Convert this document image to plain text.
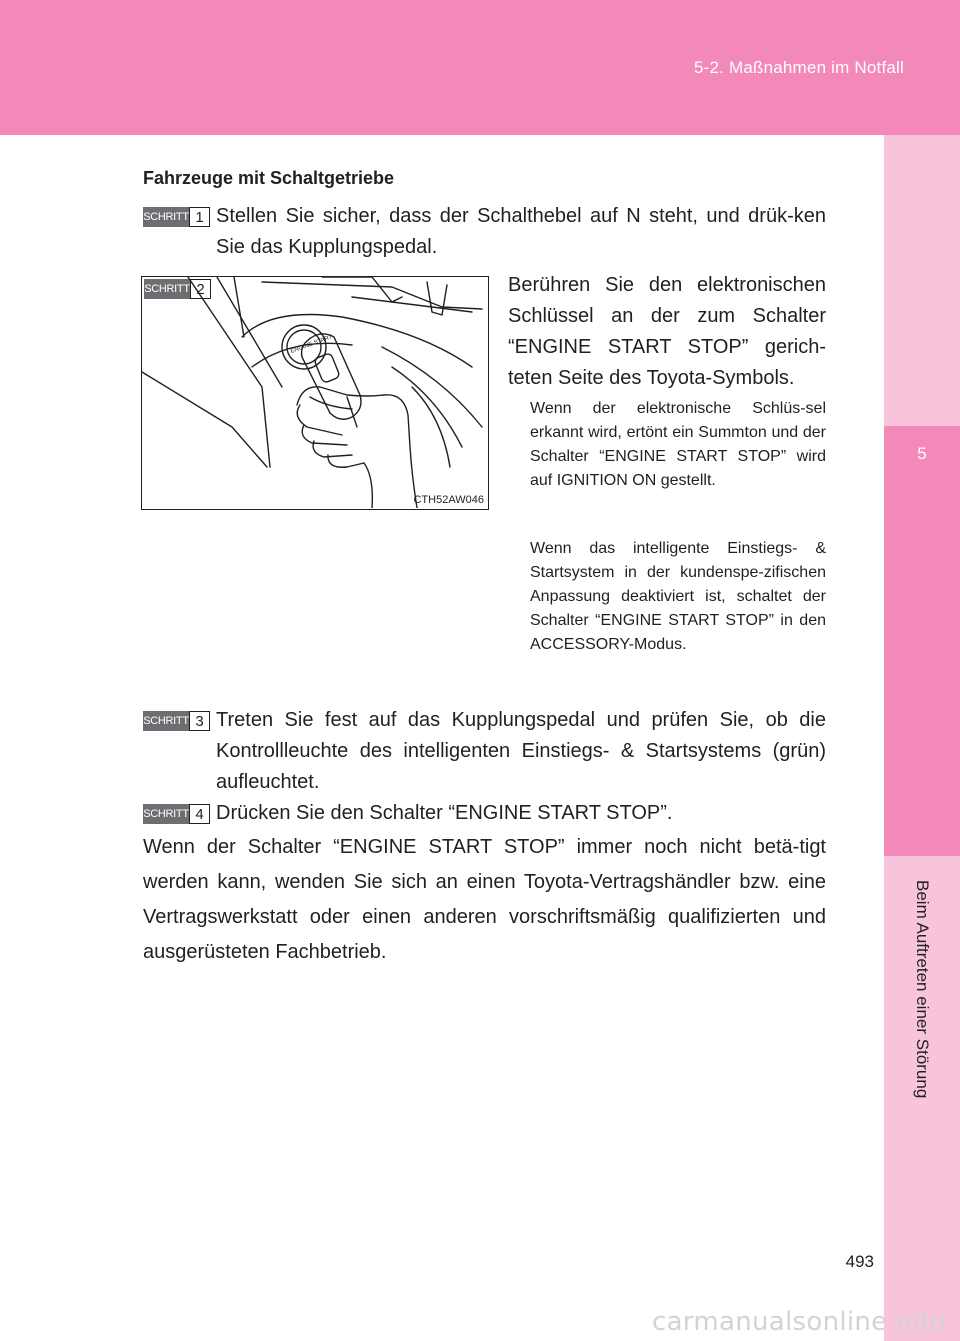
5-2. Maßnahmen im Notfall
5
Beim Auftreten einer Störung
Fahrzeuge mit Schaltgetriebe
SCHRITT 1 Stellen Sie sicher, dass der Schalthebel auf N steht, und drük-ken Sie das Kupplungspedal.
SCHRITT 2
ENGINE START
CTH52AW046
Berühren Sie den elektronischen Schlüssel an der zum Schalter “ENGINE START STOP” gerich-teten Seite des Toyota-Symbols.
Wenn der elektronische Schlüs-sel erkannt wird, ertönt ein Summton und der Schalter “ENGINE START STOP” wird auf IGNITION ON gestellt.
Wenn das intelligente Einstiegs- & Startsystem in der kundenspe-zifischen Anpassung deaktiviert ist, schaltet der Schalter “ENGINE START STOP” in den ACCESSORY-Modus.
SCHRITT 3 Treten Sie fest auf das Kupplungspedal und prüfen Sie, ob die Kontrollleuchte des intelligenten Einstiegs- & Startsystems (grün) aufleuchtet.
SCHRITT 4 Drücken Sie den Schalter “ENGINE START STOP”.
Wenn der Schalter “ENGINE START STOP” immer noch nicht betä-tigt werden kann, wenden Sie sich an einen Toyota-Vertragshändler bzw. eine Vertragswerkstatt oder einen anderen vorschriftsmäßig qualifizierten und ausgerüsteten Fachbetrieb.
493
carmanualsonline.info
